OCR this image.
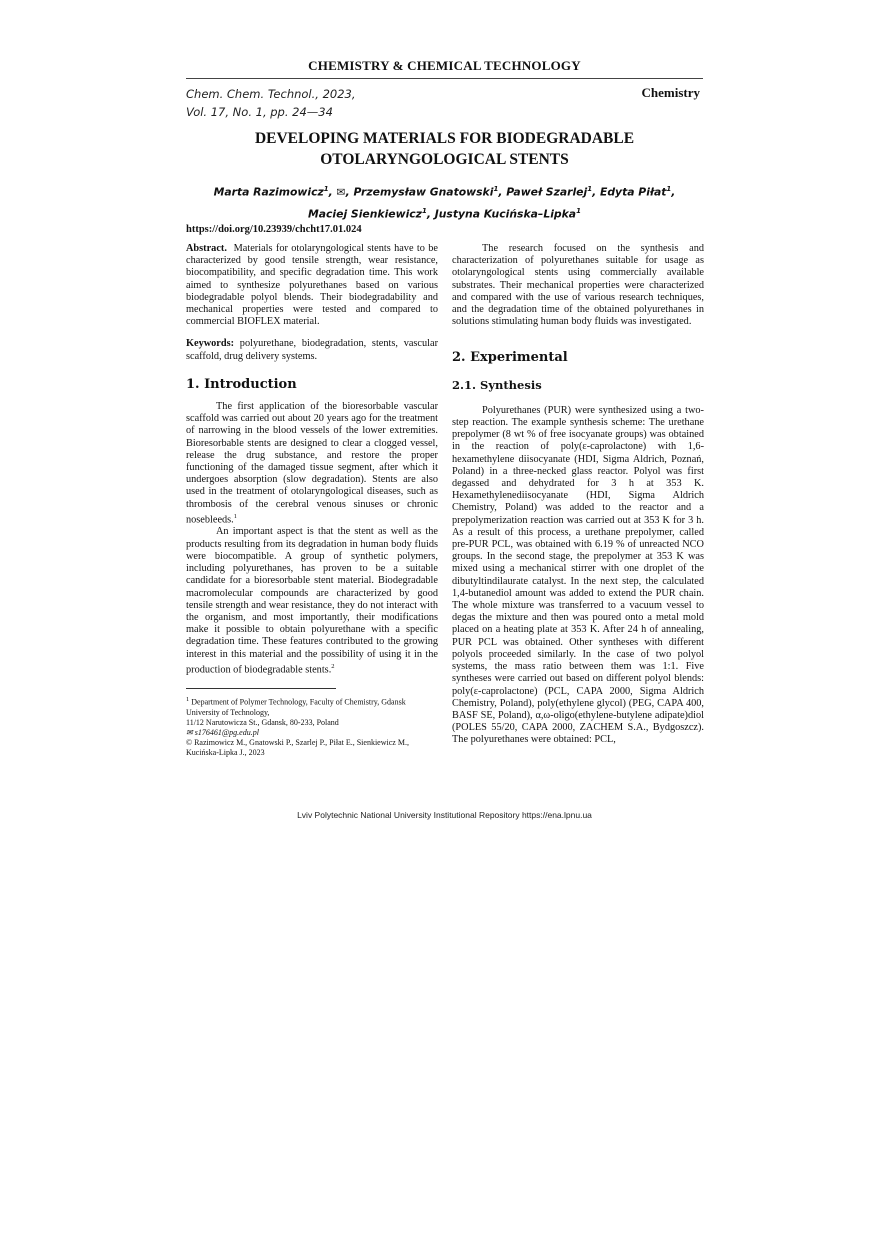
CHEMISTRY & CHEMICAL TECHNOLOGY
Chem. Chem. Technol., 2023,
Vol. 17, No. 1, pp. 24—34
Chemistry
DEVELOPING MATERIALS FOR BIODEGRADABLE
OTOLARYNGOLOGICAL STENTS
Marta Razimowicz$^1$, ✉, Przemysław Gnatowski$^1$, Paweł Szarlej$^1$, Edyta Piłat$^1$,
Maciej Sienkiewicz$^1$, Justyna Kucińska–Lipka$^1$
https://doi.org/10.23939/chcht17.01.024

Abstract. Materials for otolaryngological stents have to be characterized by good tensile strength, wear resistance, biocompatibility, and specific degradation time. This work aimed to synthesize polyurethanes based on various biodegradable polyol blends. Their biodegradability and mechanical properties were tested and compared to commercial BIOFLEX material.

Keywords: polyurethane, biodegradation, stents, vascular scaffold, drug delivery systems.

1. Introduction

The first application of the bioresorbable vascular scaffold was carried out about 20 years ago for the treatment of narrowing in the blood vessels of the lower extremities. Bioresorbable stents are designed to clear a clogged vessel, release the drug substance, and restore the proper functioning of the damaged tissue segment, after which it undergoes absorption (slow degradation). Stents are also used in the treatment of otolaryngological diseases, such as thrombosis of the cerebral venous sinuses or chronic nosebleeds.$^1$

An important aspect is that the stent as well as the products resulting from its degradation in human body fluids were biocompatible. A group of synthetic polymers, including polyurethanes, has proven to be a suitable candidate for a bioresorbable stent material. Biodegradable macromolecular compounds are characterized by good tensile strength and wear resistance, they do not interact with the organism, and most importantly, their modifications make it possible to obtain polyurethane with a specific degradation time. These features contributed to the growing interest in this material and the possibility of using it in the production of biodegradable stents.$^2$

$^1$ Department of Polymer Technology, Faculty of Chemistry, Gdansk University of Technology,
11/12 Narutowicza St., Gdansk, 80-233, Poland
✉ s176461@pg.edu.pl
© Razimowicz M., Gnatowski P., Szarlej P., Piłat E., Sienkiewicz M., Kucińska-Lipka J., 2023

The research focused on the synthesis and characterization of polyurethanes suitable for usage as otolaryngological stents using commercially available substrates. Their mechanical properties were characterized and compared with the use of various research techniques, and the degradation time of the obtained polyurethanes in solutions stimulating human body fluids was investigated.

2. Experimental
2.1. Synthesis

Polyurethanes (PUR) were synthesized using a two-step reaction. The example synthesis scheme: The urethane prepolymer (8 wt % of free isocyanate groups) was obtained in the reaction of poly(ε-caprolactone) with 1,6-hexamethylene diisocyanate (HDI, Sigma Aldrich, Poznań, Poland) in a three-necked glass reactor. Polyol was first degassed and dehydrated for 3 h at 353 K. Hexamethylenediisocyanate (HDI, Sigma Aldrich Chemistry, Poland) was added to the reactor and a prepolymerization reaction was carried out at 353 K for 3 h. As a result of this process, a urethane prepolymer, called pre-PUR PCL, was obtained with 6.19 % of unreacted NCO groups. In the second stage, the prepolymer at 353 K was mixed using a mechanical stirrer with one droplet of the dibutyltindilaurate catalyst. In the next step, the calculated 1,4-butanediol amount was added to extend the PUR chain. The whole mixture was transferred to a vacuum vessel to degas the mixture and then was poured onto a metal mold placed on a heating plate at 353 K. After 24 h of annealing, PUR PCL was obtained. Other syntheses with different polyols proceeded similarly. In the case of two polyol systems, the mass ratio between them was 1:1. Five syntheses were carried out based on different polyol blends: poly(ε-caprolactone) (PCL, CAPA 2000, Sigma Aldrich Chemistry, Poland), poly(ethylene glycol) (PEG, CAPA 400, BASF SE, Poland), α,ω-oligo(ethylene-butylene adipate)diol (POLES 55/20, CAPA 2000, ZACHEM S.A., Bydgoszcz). The polyurethanes were obtained: PCL,

Lviv Polytechnic National University Institutional Repository https://ena.lpnu.ua
